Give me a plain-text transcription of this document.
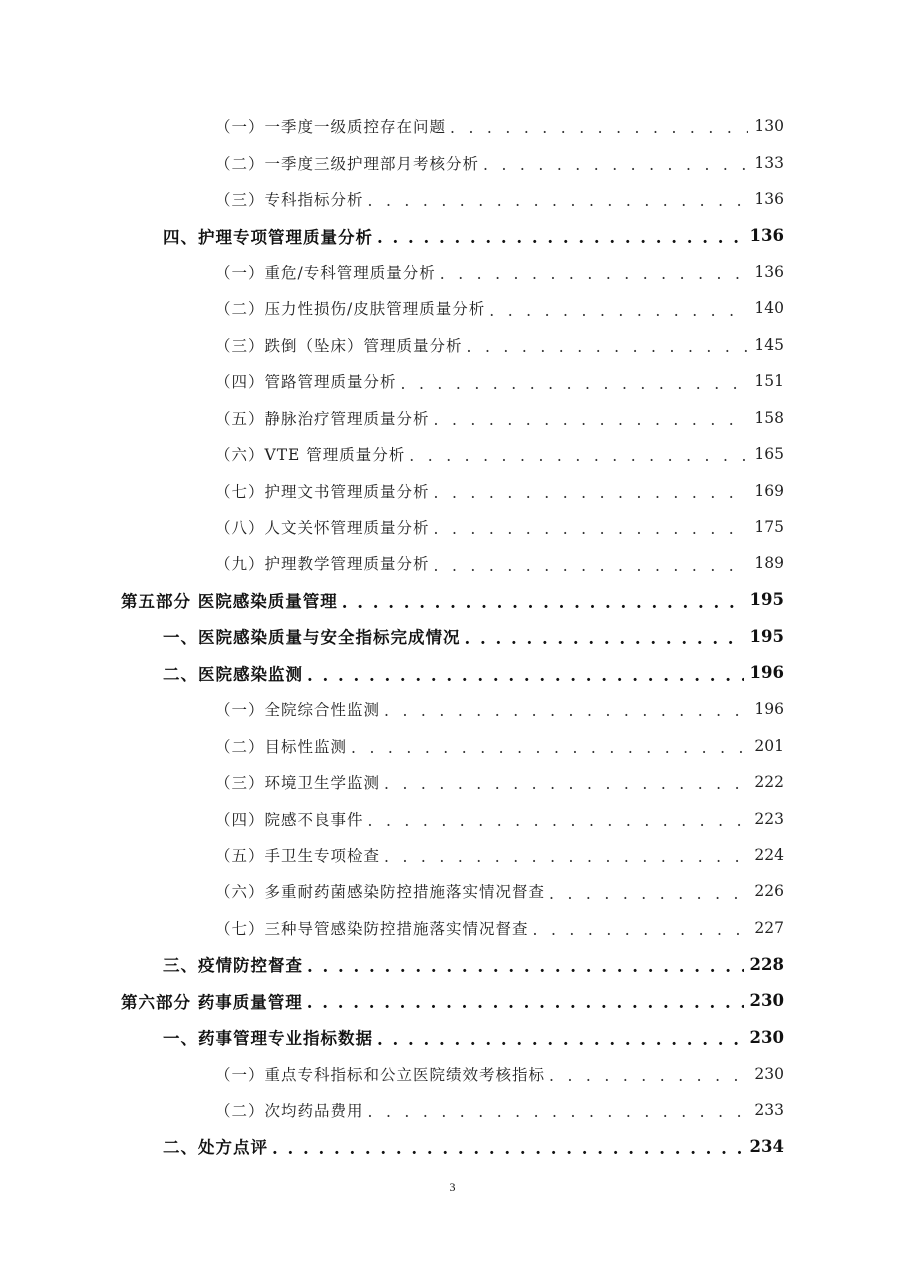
（一）一季度一级质控存在问题 . . .	130
（二）一季度三级护理部月考核分析 . . .	133
（三）专科指标分析 . . .	136
四、护理专项管理质量分析 . . .	136
（一）重危/专科管理质量分析 . . .	136
（二）压力性损伤/皮肤管理质量分析 . . .	140
（三）跌倒（坠床）管理质量分析 . . .	145
（四）管路管理质量分析 . . .	151
（五）静脉治疗管理质量分析 . . .	158
（六）VTE 管理质量分析 . . .	165
（七）护理文书管理质量分析 . . .	169
（八）人文关怀管理质量分析 . . .	175
（九）护理教学管理质量分析 . . .	189
第五部分 医院感染质量管理 . . .	195
一、医院感染质量与安全指标完成情况 . . .	195
二、医院感染监测 . . .	196
（一）全院综合性监测 . . .	196
（二）目标性监测 . . .	201
（三）环境卫生学监测 . . .	222
（四）院感不良事件 . . .	223
（五）手卫生专项检查 . . .	224
（六）多重耐药菌感染防控措施落实情况督查 . . .	226
（七）三种导管感染防控措施落实情况督查 . . .	227
三、疫情防控督查 . . .	228
第六部分 药事质量管理 . . .	230
一、药事管理专业指标数据 . . .	230
（一）重点专科指标和公立医院绩效考核指标 . . .	230
（二）次均药品费用 . . .	233
二、处方点评 . . .	234
3
